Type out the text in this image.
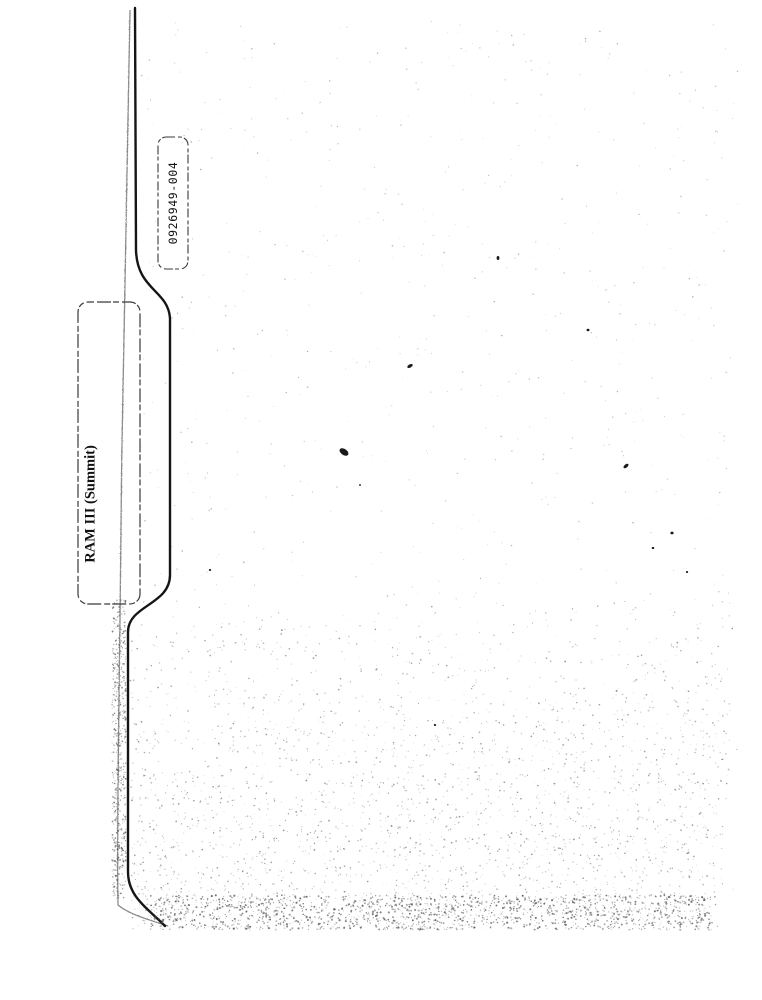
RAM III (Summit)
0926949-004
